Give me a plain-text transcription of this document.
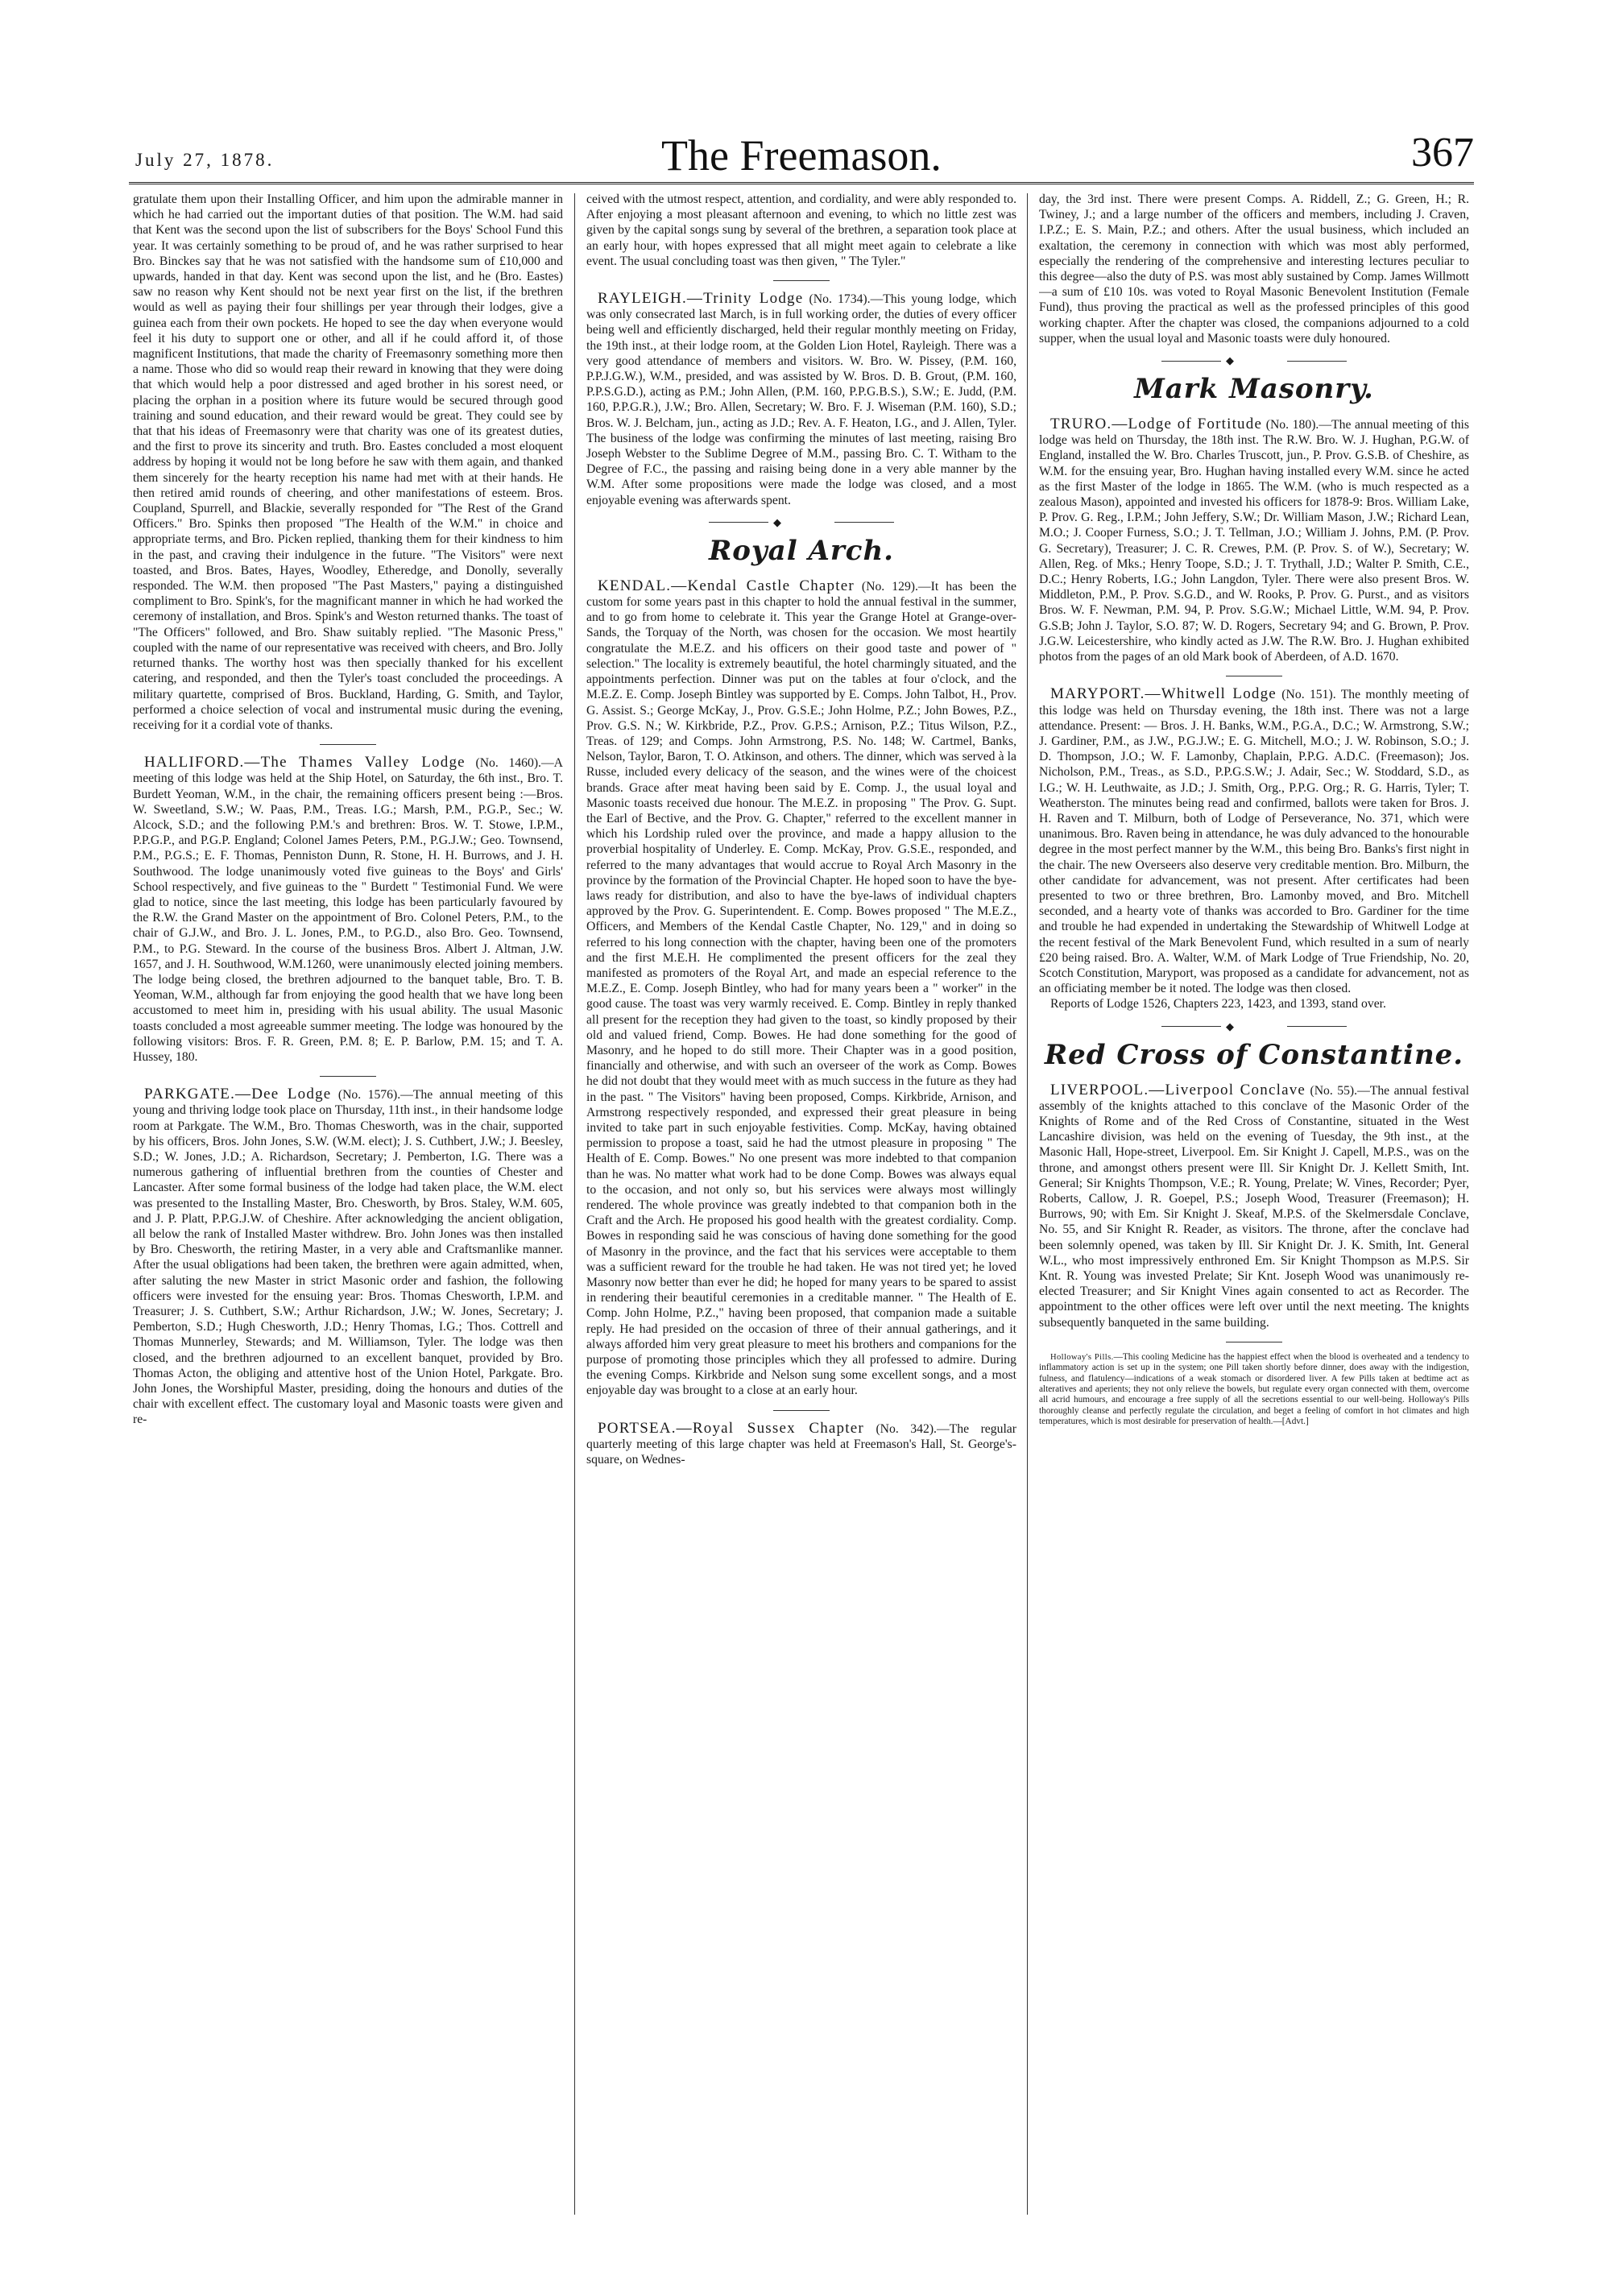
July 27, 1878.	The Freemason.	367

gratulate them upon their Installing Officer, and him upon the admirable manner in which he had carried out the important duties of that position. The W.M. had said that Kent was the second upon the list of subscribers for the Boys' School Fund this year. It was certainly something to be proud of, and he was rather surprised to hear Bro. Binckes say that he was not satisfied with the handsome sum of £10,000 and upwards, handed in that day. Kent was second upon the list, and he (Bro. Eastes) saw no reason why Kent should not be next year first on the list, if the brethren would as well as paying their four shillings per year through their lodges, give a guinea each from their own pockets. He hoped to see the day when everyone would feel it his duty to support one or other, and all if he could afford it, of those magnificent Institutions, that made the charity of Freemasonry something more then a name. Those who did so would reap their reward in knowing that they were doing that which would help a poor distressed and aged brother in his sorest need, or placing the orphan in a position where its future would be secured through good training and sound education, and their reward would be great. They could see by that that his ideas of Freemasonry were that charity was one of its greatest duties, and the first to prove its sincerity and truth. Bro. Eastes concluded a most eloquent address by hoping it would not be long before he saw with them again, and thanked them sincerely for the hearty reception his name had met with at their hands. He then retired amid rounds of cheering, and other manifestations of esteem. Bros. Coupland, Spurrell, and Blackie, severally responded for "The Rest of the Grand Officers." Bro. Spinks then proposed "The Health of the W.M." in choice and appropriate terms, and Bro. Picken replied, thanking them for their kindness to him in the past, and craving their indulgence in the future. "The Visitors" were next toasted, and Bros. Bates, Hayes, Woodley, Etheredge, and Donolly, severally responded. The W.M. then proposed "The Past Masters," paying a distinguished compliment to Bro. Spink's, for the magnificant manner in which he had worked the ceremony of installation, and Bros. Spink's and Weston returned thanks. The toast of "The Officers" followed, and Bro. Shaw suitably replied. "The Masonic Press," coupled with the name of our representative was received with cheers, and Bro. Jolly returned thanks. The worthy host was then specially thanked for his excellent catering, and responded, and then the Tyler's toast concluded the proceedings. A military quartette, comprised of Bros. Buckland, Harding, G. Smith, and Taylor, performed a choice selection of vocal and instrumental music during the evening, receiving for it a cordial vote of thanks.

HALLIFORD.—The Thames Valley Lodge (No. 1460).—A meeting of this lodge was held at the Ship Hotel, on Saturday, the 6th inst., Bro. T. Burdett Yeoman, W.M., in the chair, the remaining officers present being :—Bros. W. Sweetland, S.W.; W. Paas, P.M., Treas. I.G.; Marsh, P.M., P.G.P., Sec.; W. Alcock, S.D.; and the following P.M.'s and brethren: Bros. W. T. Stowe, I.P.M., P.P.G.P., and P.G.P. England; Colonel James Peters, P.M., P.G.J.W.; Geo. Townsend, P.M., P.G.S.; E. F. Thomas, Penniston Dunn, R. Stone, H. H. Burrows, and J. H. Southwood. The lodge unanimously voted five guineas to the Boys' and Girls' School respectively, and five guineas to the " Burdett " Testimonial Fund. We were glad to notice, since the last meeting, this lodge has been particularly favoured by the R.W. the Grand Master on the appointment of Bro. Colonel Peters, P.M., to the chair of G.J.W., and Bro. J. L. Jones, P.M., to P.G.D., also Bro. Geo. Townsend, P.M., to P.G. Steward. In the course of the business Bros. Albert J. Altman, J.W. 1657, and J. H. Southwood, W.M.1260, were unanimously elected joining members. The lodge being closed, the brethren adjourned to the banquet table, Bro. T. B. Yeoman, W.M., although far from enjoying the good health that we have long been accustomed to meet him in, presiding with his usual ability. The usual Masonic toasts concluded a most agreeable summer meeting. The lodge was honoured by the following visitors: Bros. F. R. Green, P.M. 8; E. P. Barlow, P.M. 15; and T. A. Hussey, 180.

PARKGATE.—Dee Lodge (No. 1576).—The annual meeting of this young and thriving lodge took place on Thursday, 11th inst., in their handsome lodge room at Parkgate. The W.M., Bro. Thomas Chesworth, was in the chair, supported by his officers, Bros. John Jones, S.W. (W.M. elect); J. S. Cuthbert, J.W.; J. Beesley, S.D.; W. Jones, J.D.; A. Richardson, Secretary; J. Pemberton, I.G. There was a numerous gathering of influential brethren from the counties of Chester and Lancaster. After some formal business of the lodge had taken place, the W.M. elect was presented to the Installing Master, Bro. Chesworth, by Bros. Staley, W.M. 605, and J. P. Platt, P.P.G.J.W. of Cheshire. After acknowledging the ancient obligation, all below the rank of Installed Master withdrew. Bro. John Jones was then installed by Bro. Chesworth, the retiring Master, in a very able and Craftsmanlike manner. After the usual obligations had been taken, the brethren were again admitted, when, after saluting the new Master in strict Masonic order and fashion, the following officers were invested for the ensuing year: Bros. Thomas Chesworth, I.P.M. and Treasurer; J. S. Cuthbert, S.W.; Arthur Richardson, J.W.; W. Jones, Secretary; J. Pemberton, S.D.; Hugh Chesworth, J.D.; Henry Thomas, I.G.; Thos. Cottrell and Thomas Munnerley, Stewards; and M. Williamson, Tyler. The lodge was then closed, and the brethren adjourned to an excellent banquet, provided by Bro. Thomas Acton, the obliging and attentive host of the Union Hotel, Parkgate. Bro. John Jones, the Worshipful Master, presiding, doing the honours and duties of the chair with excellent effect. The customary loyal and Masonic toasts were given and re-

ceived with the utmost respect, attention, and cordiality, and were ably responded to. After enjoying a most pleasant afternoon and evening, to which no little zest was given by the capital songs sung by several of the brethren, a separation took place at an early hour, with hopes expressed that all might meet again to celebrate a like event. The usual concluding toast was then given, " The Tyler."

RAYLEIGH.—Trinity Lodge (No. 1734).—This young lodge, which was only consecrated last March, is in full working order, the duties of every officer being well and efficiently discharged, held their regular monthly meeting on Friday, the 19th inst., at their lodge room, at the Golden Lion Hotel, Rayleigh. There was a very good attendance of members and visitors. W. Bro. W. Pissey, (P.M. 160, P.P.J.G.W.), W.M., presided, and was assisted by W. Bros. D. B. Grout, (P.M. 160, P.P.S.G.D.), acting as P.M.; John Allen, (P.M. 160, P.P.G.B.S.), S.W.; E. Judd, (P.M. 160, P.P.G.R.), J.W.; Bro. Allen, Secretary; W. Bro. F. J. Wiseman (P.M. 160), S.D.; Bros. W. J. Belcham, jun., acting as J.D.; Rev. A. F. Heaton, I.G., and J. Allen, Tyler. The business of the lodge was confirming the minutes of last meeting, raising Bro Joseph Webster to the Sublime Degree of M.M., passing Bro. C. T. Witham to the Degree of F.C., the passing and raising being done in a very able manner by the W.M. After some propositions were made the lodge was closed, and a most enjoyable evening was afterwards spent.

◆
Royal Arch.

KENDAL.—Kendal Castle Chapter (No. 129).—It has been the custom for some years past in this chapter to hold the annual festival in the summer, and to go from home to celebrate it. This year the Grange Hotel at Grange-over-Sands, the Torquay of the North, was chosen for the occasion. We most heartily congratulate the M.E.Z. and his officers on their good taste and power of " selection." The locality is extremely beautiful, the hotel charmingly situated, and the appointments perfection. Dinner was put on the tables at four o'clock, and the M.E.Z. E. Comp. Joseph Bintley was supported by E. Comps. John Talbot, H., Prov. G. Assist. S.; George McKay, J., Prov. G.S.E.; John Holme, P.Z.; John Bowes, P.Z., Prov. G.S. N.; W. Kirkbride, P.Z., Prov. G.P.S.; Arnison, P.Z.; Titus Wilson, P.Z., Treas. of 129; and Comps. John Armstrong, P.S. No. 148; W. Cartmel, Banks, Nelson, Taylor, Baron, T. O. Atkinson, and others. The dinner, which was served à la Russe, included every delicacy of the season, and the wines were of the choicest brands. Grace after meat having been said by E. Comp. J., the usual loyal and Masonic toasts received due honour. The M.E.Z. in proposing " The Prov. G. Supt. the Earl of Bective, and the Prov. G. Chapter," referred to the excellent manner in which his Lordship ruled over the province, and made a happy allusion to the proverbial hospitality of Underley. E. Comp. McKay, Prov. G.S.E., responded, and referred to the many advantages that would accrue to Royal Arch Masonry in the province by the formation of the Provincial Chapter. He hoped soon to have the bye-laws ready for distribution, and also to have the bye-laws of individual chapters approved by the Prov. G. Superintendent. E. Comp. Bowes proposed " The M.E.Z., Officers, and Members of the Kendal Castle Chapter, No. 129," and in doing so referred to his long connection with the chapter, having been one of the promoters and the first M.E.H. He complimented the present officers for the zeal they manifested as promoters of the Royal Art, and made an especial reference to the M.E.Z., E. Comp. Joseph Bintley, who had for many years been a " worker" in the good cause. The toast was very warmly received. E. Comp. Bintley in reply thanked all present for the reception they had given to the toast, so kindly proposed by their old and valued friend, Comp. Bowes. He had done something for the good of Masonry, and he hoped to do still more. Their Chapter was in a good position, financially and otherwise, and with such an overseer of the work as Comp. Bowes he did not doubt that they would meet with as much success in the future as they had in the past. " The Visitors" having been proposed, Comps. Kirkbride, Arnison, and Armstrong respectively responded, and expressed their great pleasure in being invited to take part in such enjoyable festivities. Comp. McKay, having obtained permission to propose a toast, said he had the utmost pleasure in proposing " The Health of E. Comp. Bowes." No one present was more indebted to that companion than he was. No matter what work had to be done Comp. Bowes was always equal to the occasion, and not only so, but his services were always most willingly rendered. The whole province was greatly indebted to that companion both in the Craft and the Arch. He proposed his good health with the greatest cordiality. Comp. Bowes in responding said he was conscious of having done something for the good of Masonry in the province, and the fact that his services were acceptable to them was a sufficient reward for the trouble he had taken. He was not tired yet; he loved Masonry now better than ever he did; he hoped for many years to be spared to assist in rendering their beautiful ceremonies in a creditable manner. " The Health of E. Comp. John Holme, P.Z.," having been proposed, that companion made a suitable reply. He had presided on the occasion of three of their annual gatherings, and it always afforded him very great pleasure to meet his brothers and companions for the purpose of promoting those principles which they all professed to admire. During the evening Comps. Kirkbride and Nelson sung some excellent songs, and a most enjoyable day was brought to a close at an early hour.

PORTSEA.—Royal Sussex Chapter (No. 342).—The regular quarterly meeting of this large chapter was held at Freemason's Hall, St. George's-square, on Wednes-

day, the 3rd inst. There were present Comps. A. Riddell, Z.; G. Green, H.; R. Twiney, J.; and a large number of the officers and members, including J. Craven, I.P.Z.; E. S. Main, P.Z.; and others. After the usual business, which included an exaltation, the ceremony in connection with which was most ably performed, especially the rendering of the comprehensive and interesting lectures peculiar to this degree—also the duty of P.S. was most ably sustained by Comp. James Willmott—a sum of £10 10s. was voted to Royal Masonic Benevolent Institution (Female Fund), thus proving the practical as well as the professed principles of this good working chapter. After the chapter was closed, the companions adjourned to a cold supper, when the usual loyal and Masonic toasts were duly honoured.

◆
Mark Masonry.

TRURO.—Lodge of Fortitude (No. 180).—The annual meeting of this lodge was held on Thursday, the 18th inst. The R.W. Bro. W. J. Hughan, P.G.W. of England, installed the W. Bro. Charles Truscott, jun., P. Prov. G.S.B. of Cheshire, as W.M. for the ensuing year, Bro. Hughan having installed every W.M. since he acted as the first Master of the lodge in 1865. The W.M. (who is much respected as a zealous Mason), appointed and invested his officers for 1878-9: Bros. William Lake, P. Prov. G. Reg., I.P.M.; John Jeffery, S.W.; Dr. William Mason, J.W.; Richard Lean, M.O.; J. Cooper Furness, S.O.; J. T. Tellman, J.O.; William J. Johns, P.M. (P. Prov. G. Secretary), Treasurer; J. C. R. Crewes, P.M. (P. Prov. S. of W.), Secretary; W. Allen, Reg. of Mks.; Henry Toope, S.D.; J. T. Trythall, J.D.; Walter P. Smith, C.E., D.C.; Henry Roberts, I.G.; John Langdon, Tyler. There were also present Bros. W. Middleton, P.M., P. Prov. S.G.D., and W. Rooks, P. Prov. G. Purst., and as visitors Bros. W. F. Newman, P.M. 94, P. Prov. S.G.W.; Michael Little, W.M. 94, P. Prov. G.S.B; John J. Taylor, S.O. 87; W. D. Rogers, Secretary 94; and G. Brown, P. Prov. J.G.W. Leicestershire, who kindly acted as J.W. The R.W. Bro. J. Hughan exhibited photos from the pages of an old Mark book of Aberdeen, of A.D. 1670.

MARYPORT.—Whitwell Lodge (No. 151). The monthly meeting of this lodge was held on Thursday evening, the 18th inst. There was not a large attendance. Present: — Bros. J. H. Banks, W.M., P.G.A., D.C.; W. Armstrong, S.W.; J. Gardiner, P.M., as J.W., P.G.J.W.; E. G. Mitchell, M.O.; J. W. Robinson, S.O.; J. D. Thompson, J.O.; W. F. Lamonby, Chaplain, P.P.G. A.D.C. (Freemason); Jos. Nicholson, P.M., Treas., as S.D., P.P.G.S.W.; J. Adair, Sec.; W. Stoddard, S.D., as I.G.; W. H. Leuthwaite, as J.D.; J. Smith, Org., P.P.G. Org.; R. G. Harris, Tyler; T. Weatherston. The minutes being read and confirmed, ballots were taken for Bros. J. H. Raven and T. Milburn, both of Lodge of Perseverance, No. 371, which were unanimous. Bro. Raven being in attendance, he was duly advanced to the honourable degree in the most perfect manner by the W.M., this being Bro. Banks's first night in the chair. The new Overseers also deserve very creditable mention. Bro. Milburn, the other candidate for advancement, was not present. After certificates had been presented to two or three brethren, Bro. Lamonby moved, and Bro. Mitchell seconded, and a hearty vote of thanks was accorded to Bro. Gardiner for the time and trouble he had expended in undertaking the Stewardship of Whitwell Lodge at the recent festival of the Mark Benevolent Fund, which resulted in a sum of nearly £20 being raised. Bro. A. Walter, W.M. of Mark Lodge of True Friendship, No. 20, Scotch Constitution, Maryport, was proposed as a candidate for advancement, not as an officiating member be it noted. The lodge was then closed.

Reports of Lodge 1526, Chapters 223, 1423, and 1393, stand over.

◆
Red Cross of Constantine.

LIVERPOOL.—Liverpool Conclave (No. 55).—The annual festival assembly of the knights attached to this conclave of the Masonic Order of the Knights of Rome and of the Red Cross of Constantine, situated in the West Lancashire division, was held on the evening of Tuesday, the 9th inst., at the Masonic Hall, Hope-street, Liverpool. Em. Sir Knight J. Capell, M.P.S., was on the throne, and amongst others present were Ill. Sir Knight Dr. J. Kellett Smith, Int. General; Sir Knights Thompson, V.E.; R. Young, Prelate; W. Vines, Recorder; Pyer, Roberts, Callow, J. R. Goepel, P.S.; Joseph Wood, Treasurer (Freemason); H. Burrows, 90; with Em. Sir Knight J. Skeaf, M.P.S. of the Skelmersdale Conclave, No. 55, and Sir Knight R. Reader, as visitors. The throne, after the conclave had been solemnly opened, was taken by Ill. Sir Knight Dr. J. K. Smith, Int. General W.L., who most impressively enthroned Em. Sir Knight Thompson as M.P.S. Sir Knt. R. Young was invested Prelate; Sir Knt. Joseph Wood was unanimously re-elected Treasurer; and Sir Knight Vines again consented to act as Recorder. The appointment to the other offices were left over until the next meeting. The knights subsequently banqueted in the same building.

Holloway's Pills.—This cooling Medicine has the happiest effect when the blood is overheated and a tendency to inflammatory action is set up in the system; one Pill taken shortly before dinner, does away with the indigestion, fulness, and flatulency—indications of a weak stomach or disordered liver. A few Pills taken at bedtime act as alteratives and aperients; they not only relieve the bowels, but regulate every organ connected with them, overcome all acrid humours, and encourage a free supply of all the secretions essential to our well-being. Holloway's Pills thoroughly cleanse and perfectly regulate the circulation, and beget a feeling of comfort in hot climates and high temperatures, which is most desirable for preservation of health.—[Advt.]
